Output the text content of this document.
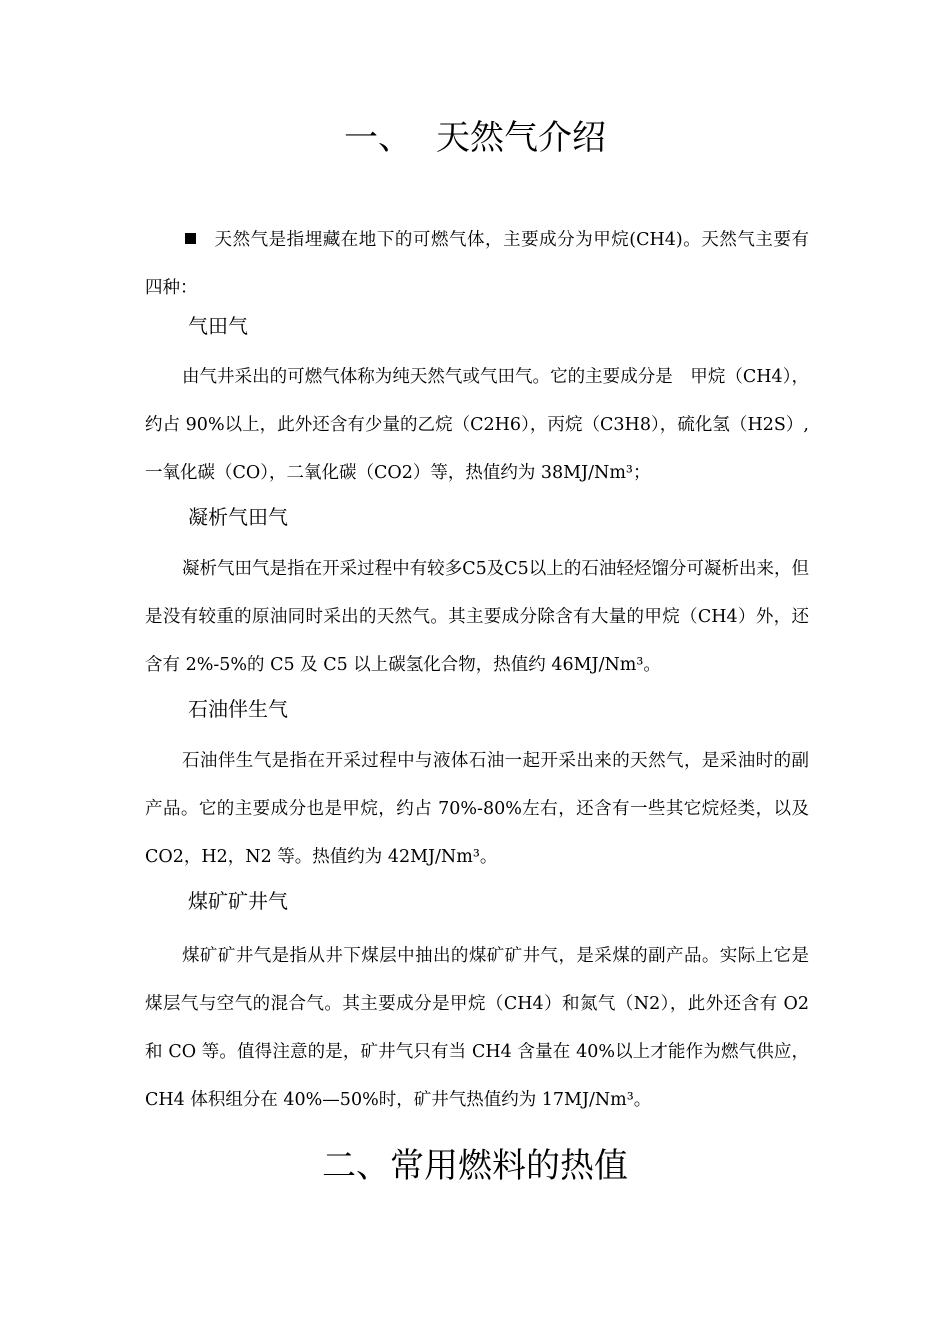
一、 天然气介绍
天然气是指埋藏在地下的可燃气体，主要成分为甲烷(CH4)。天然气主要有四种：
气田气

由气井采出的可燃气体称为纯天然气或气田气。它的主要成分是　甲烷（CH4），约占 90%以上，此外还含有少量的乙烷（C2H6），丙烷（C3H8），硫化氢（H2S）,一氧化碳（CO），二氧化碳（CO2）等，热值约为 38MJ/Nm³；

凝析气田气

凝析气田气是指在开采过程中有较多C5及C5以上的石油轻烃馏分可凝析出来，但是没有较重的原油同时采出的天然气。其主要成分除含有大量的甲烷（CH4）外，还含有 2%-5%的 C5 及 C5 以上碳氢化合物，热值约 46MJ/Nm³。

石油伴生气

石油伴生气是指在开采过程中与液体石油一起开采出来的天然气，是采油时的副产品。它的主要成分也是甲烷，约占 70%-80%左右，还含有一些其它烷烃类，以及 CO2，H2，N2 等。热值约为 42MJ/Nm³。

煤矿矿井气

煤矿矿井气是指从井下煤层中抽出的煤矿矿井气，是采煤的副产品。实际上它是煤层气与空气的混合气。其主要成分是甲烷（CH4）和氮气（N2），此外还含有 O2 和 CO 等。值得注意的是，矿井气只有当 CH4 含量在 40%以上才能作为燃气供应，CH4 体积组分在 40%—50%时，矿井气热值约为 17MJ/Nm³。

二、常用燃料的热值
